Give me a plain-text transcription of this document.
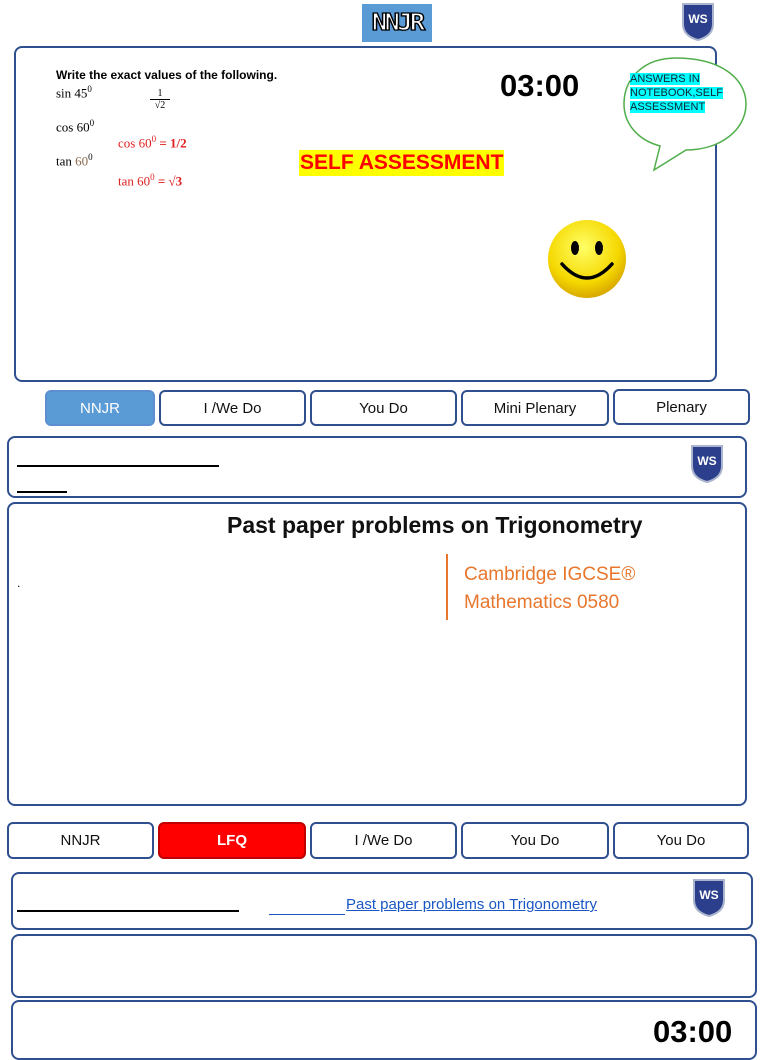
NNJR	WS
Write the exact values of the following.
$\sin 45^0$	1
√2
$\cos 60^0$
$\cos 60^0 = 1/2$
$\tan 60^0$
$\tan 60^0 = √3$
03:00
SELF ASSESSMENT
ANSWERS IN NOTEBOOK,SELF ASSESSMENT
NNJR	I /We Do	You Do	Mini Plenary	Plenary
WS
Past paper problems on Trigonometry
.	Cambridge IGCSE®
Mathematics 0580
NNJR	LFQ	I /We Do	You Do	You Do
Past paper problems on Trigonometry
WS
03:00
